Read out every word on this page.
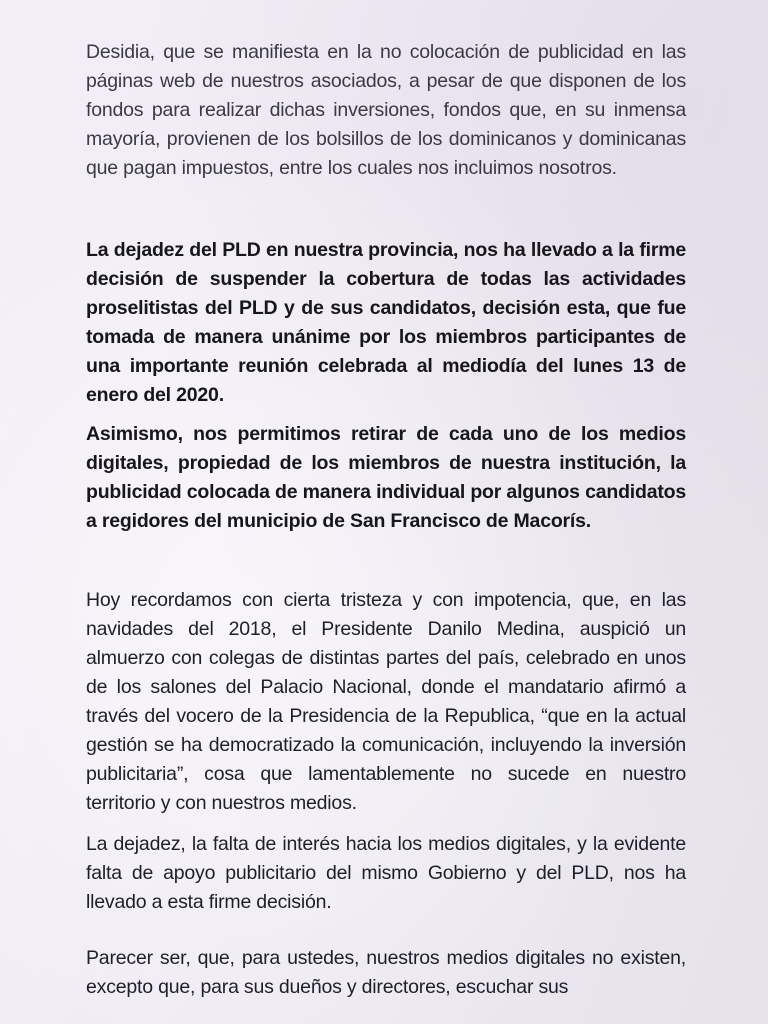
Desidia, que se manifiesta en la no colocación de publicidad en las páginas web de nuestros asociados, a pesar de que disponen de los fondos para realizar dichas inversiones, fondos que, en su inmensa mayoría, provienen de los bolsillos de los dominicanos y dominicanas que pagan impuestos, entre los cuales nos incluimos nosotros.

La dejadez del PLD en nuestra provincia, nos ha llevado a la firme decisión de suspender la cobertura de todas las actividades proselitistas del PLD y de sus candidatos, decisión esta, que fue tomada de manera unánime por los miembros participantes de una importante reunión celebrada al mediodía del lunes 13 de enero del 2020.

Asimismo, nos permitimos retirar de cada uno de los medios digitales, propiedad de los miembros de nuestra institución, la publicidad colocada de manera individual por algunos candidatos a regidores del municipio de San Francisco de Macorís.

Hoy recordamos con cierta tristeza y con impotencia, que, en las navidades del 2018, el Presidente Danilo Medina, auspició un almuerzo con colegas de distintas partes del país, celebrado en unos de los salones del Palacio Nacional, donde el mandatario afirmó a través del vocero de la Presidencia de la Republica, “que en la actual gestión se ha democratizado la comunicación, incluyendo la inversión publicitaria”, cosa que lamentablemente no sucede en nuestro territorio y con nuestros medios.

La dejadez, la falta de interés hacia los medios digitales, y la evidente falta de apoyo publicitario del mismo Gobierno y del PLD, nos ha llevado a esta firme decisión.

Parecer ser, que, para ustedes, nuestros medios digitales no existen, excepto que, para sus dueños y directores, escuchar sus
